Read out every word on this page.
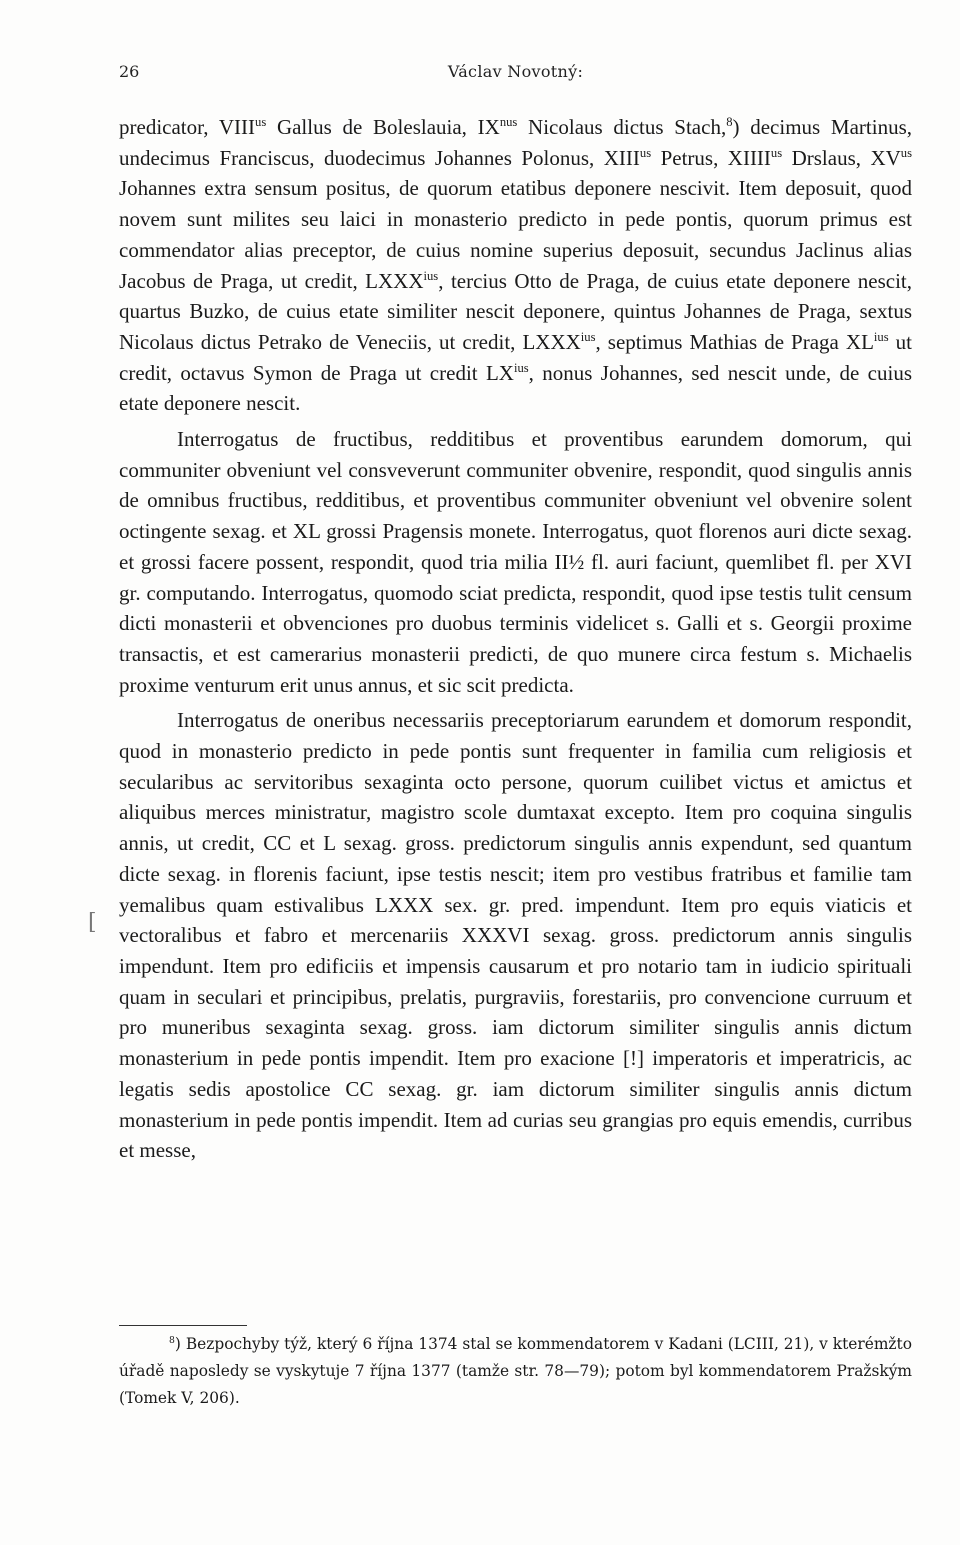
26	Václav Novotný:

predicator, $VIII^{us}$ Gallus de Boleslauia, $IX^{nus}$ Nicolaus dictus Stach,$^8$) decimus Martinus, undecimus Franciscus, duodecimus Johannes Polonus, $XIII^{us}$ Petrus, $XIIII^{us}$ Drslaus, $XV^{us}$ Johannes extra sensum positus, de quorum etatibus deponere nescivit. Item deposuit, quod novem sunt milites seu laici in monasterio predicto in pede pontis, quorum primus est commendator alias preceptor, de cuius nomine superius deposuit, secundus Jaclinus alias Jacobus de Praga, ut credit, $LXXX^{ius}$, tercius Otto de Praga, de cuius etate deponere nescit, quartus Buzko, de cuius etate similiter nescit deponere, quintus Johannes de Praga, sextus Nicolaus dictus Petrako de Veneciis, ut credit, $LXXX^{ius}$, septimus Mathias de Praga $XL^{ius}$ ut credit, octavus Symon de Praga ut credit $LX^{ius}$, nonus Johannes, sed nescit unde, de cuius etate deponere nescit.

Interrogatus de fructibus, redditibus et proventibus earundem domorum, qui communiter obveniunt vel consveverunt communiter obvenire, respondit, quod singulis annis de omnibus fructibus, redditibus, et proventibus communiter obveniunt vel obvenire solent octingente sexag. et XL grossi Pragensis monete. Interrogatus, quot florenos auri dicte sexag. et grossi facere possent, respondit, quod tria milia II½ fl. auri faciunt, quemlibet fl. per XVI gr. computando. Interrogatus, quomodo sciat predicta, respondit, quod ipse testis tulit censum dicti monasterii et obvenciones pro duobus terminis videlicet s. Galli et s. Georgii proxime transactis, et est camerarius monasterii predicti, de quo munere circa festum s. Michaelis proxime venturum erit unus annus, et sic scit predicta.

Interrogatus de oneribus necessariis preceptoriarum earundem et domorum respondit, quod in monasterio predicto in pede pontis sunt frequenter in familia cum religiosis et secularibus ac servitoribus sexaginta octo persone, quorum cuilibet victus et amictus et aliquibus merces ministratur, magistro scole dumtaxat excepto. Item pro coquina singulis annis, ut credit, CC et L sexag. gross. predictorum singulis annis expendunt, sed quantum dicte sexag. in florenis faciunt, ipse testis nescit; item pro vestibus fratribus et familie tam yemalibus quam estivalibus LXXX sex. gr. pred. impendunt. Item pro equis viaticis et vectoralibus et fabro et mercenariis XXXVI sexag. gross. predictorum annis singulis impendunt. Item pro edificiis et impensis causarum et pro notario tam in iudicio spirituali quam in seculari et principibus, prelatis, purgraviis, forestariis, pro convencione curruum et pro muneribus sexaginta sexag. gross. iam dictorum similiter singulis annis dictum monasterium in pede pontis impendit. Item pro exacione [!] imperatoris et imperatricis, ac legatis sedis apostolice CC sexag. gr. iam dictorum similiter singulis annis dictum monasterium in pede pontis impendit. Item ad curias seu grangias pro equis emendis, curribus et messe,

[
$^8$) Bezpochyby týž, který 6 října 1374 stal se kommendatorem v Kadani (LCIII, 21), v kterémžto úřadě naposledy se vyskytuje 7 října 1377 (tamže str. 78—79); potom byl kommendatorem Pražským (Tomek V, 206).
